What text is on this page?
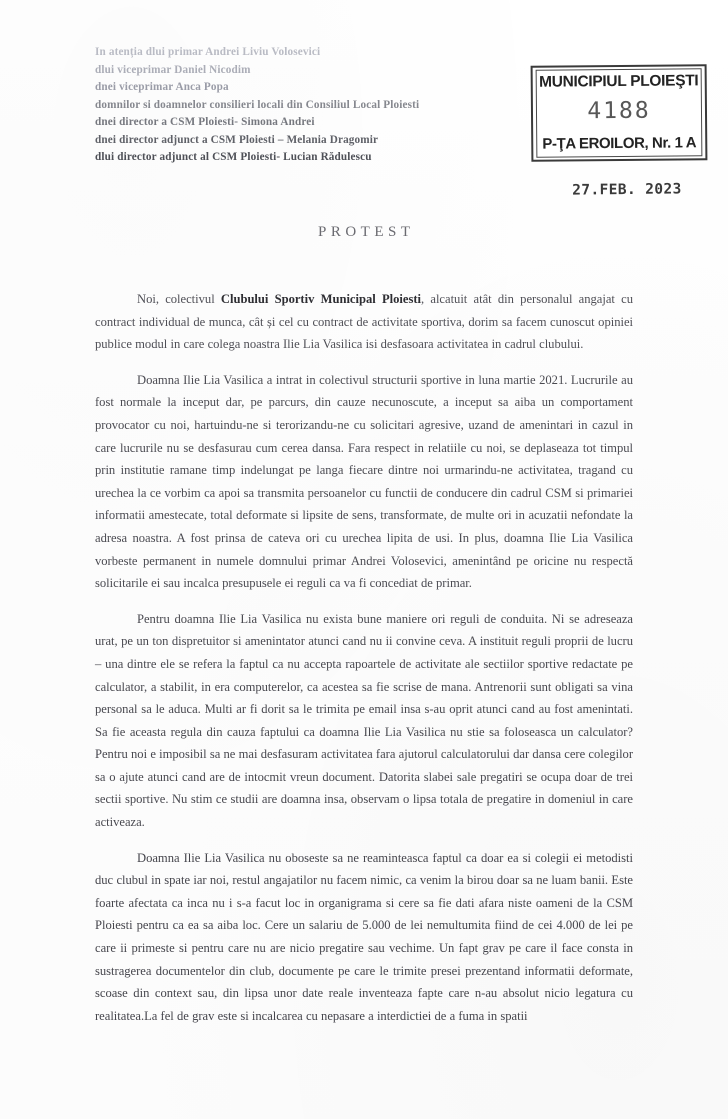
In atenția dlui primar Andrei Liviu Volosevici
dlui viceprimar Daniel Nicodim
dnei viceprimar Anca Popa
domnilor si doamnelor consilieri locali din Consiliul Local Ploiesti
dnei director a CSM Ploiesti- Simona Andrei
dnei director adjunct a CSM Ploiesti – Melania Dragomir
dlui director adjunct al CSM Ploiesti- Lucian Rădulescu
MUNICIPIUL PLOIEŞTI
4188
P-ŢA EROILOR, Nr. 1 A
27.FEB. 2023
PROTEST

Noi, colectivul Clubului Sportiv Municipal Ploiesti, alcatuit atât din personalul angajat cu contract individual de munca, cât și cel cu contract de activitate sportiva, dorim sa facem cunoscut opiniei publice modul in care colega noastra Ilie Lia Vasilica isi desfasoara activitatea in cadrul clubului.

Doamna Ilie Lia Vasilica a intrat in colectivul structurii sportive in luna martie 2021. Lucrurile au fost normale la inceput dar, pe parcurs, din cauze necunoscute, a inceput sa aiba un comportament provocator cu noi, hartuindu-ne si terorizandu-ne cu solicitari agresive, uzand de amenintari in cazul in care lucrurile nu se desfasurau cum cerea dansa. Fara respect in relatiile cu noi, se deplaseaza tot timpul prin institutie ramane timp indelungat pe langa fiecare dintre noi urmarindu-ne activitatea, tragand cu urechea la ce vorbim ca apoi sa transmita persoanelor cu functii de conducere din cadrul CSM si primariei informatii amestecate, total deformate si lipsite de sens, transformate, de multe ori in acuzatii nefondate la adresa noastra. A fost prinsa de cateva ori cu urechea lipita de usi. In plus, doamna Ilie Lia Vasilica vorbeste permanent in numele domnului primar Andrei Volosevici, amenintând pe oricine nu respectă solicitarile ei sau incalca presupusele ei reguli ca va fi concediat de primar.

Pentru doamna Ilie Lia Vasilica nu exista bune maniere ori reguli de conduita. Ni se adreseaza urat, pe un ton dispretuitor si amenintator atunci cand nu ii convine ceva. A instituit reguli proprii de lucru – una dintre ele se refera la faptul ca nu accepta rapoartele de activitate ale sectiilor sportive redactate pe calculator, a stabilit, in era computerelor, ca acestea sa fie scrise de mana. Antrenorii sunt obligati sa vina personal sa le aduca. Multi ar fi dorit sa le trimita pe email insa s-au oprit atunci cand au fost amenintati. Sa fie aceasta regula din cauza faptului ca doamna Ilie Lia Vasilica nu stie sa foloseasca un calculator? Pentru noi e imposibil sa ne mai desfasuram activitatea fara ajutorul calculatorului dar dansa cere colegilor sa o ajute atunci cand are de intocmit vreun document. Datorita slabei sale pregatiri se ocupa doar de trei sectii sportive. Nu stim ce studii are doamna insa, observam o lipsa totala de pregatire in domeniul in care activeaza.

Doamna Ilie Lia Vasilica nu oboseste sa ne reaminteasca faptul ca doar ea si colegii ei metodisti duc clubul in spate iar noi, restul angajatilor nu facem nimic, ca venim la birou doar sa ne luam banii. Este foarte afectata ca inca nu i s-a facut loc in organigrama si cere sa fie dati afara niste oameni de la CSM Ploiesti pentru ca ea sa aiba loc. Cere un salariu de 5.000 de lei nemultumita fiind de cei 4.000 de lei pe care ii primeste si pentru care nu are nicio pregatire sau vechime. Un fapt grav pe care il face consta in sustragerea documentelor din club, documente pe care le trimite presei prezentand informatii deformate, scoase din context sau, din lipsa unor date reale inventeaza fapte care n-au absolut nicio legatura cu realitatea.La fel de grav este si incalcarea cu nepasare a interdictiei de a fuma in spatii
